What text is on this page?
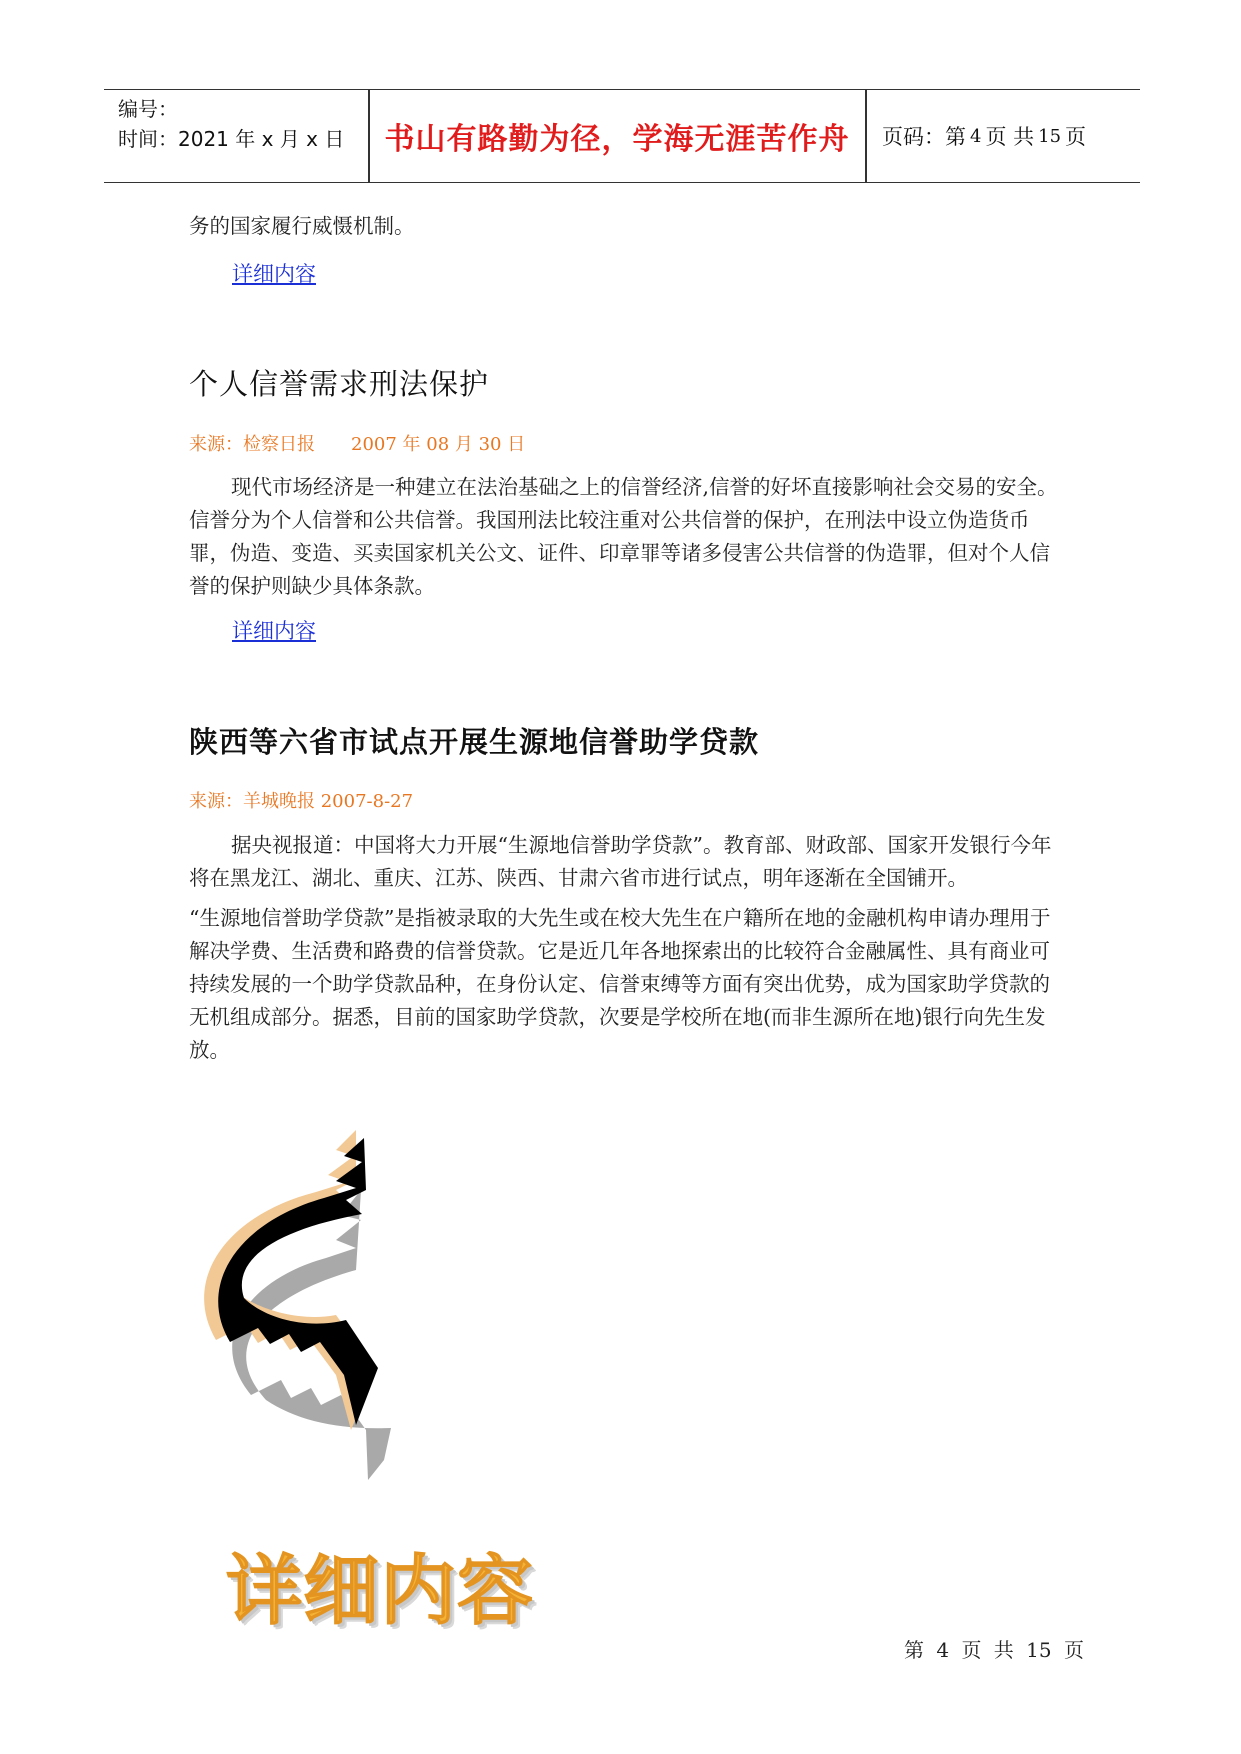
编号：
时间：2021 年 x 月 x 日	书山有路勤为径，学海无涯苦作舟	页码：第 4 页 共 15 页
务的国家履行威慑机制。
详细内容
个人信誉需求刑法保护
来源：检察日报 2007 年 08 月 30 日
现代市场经济是一种建立在法治基础之上的信誉经济,信誉的好坏直接影响社会交易的安全。信誉分为个人信誉和公共信誉。我国刑法比较注重对公共信誉的保护，在刑法中设立伪造货币罪，伪造、变造、买卖国家机关公文、证件、印章罪等诸多侵害公共信誉的伪造罪，但对个人信誉的保护则缺少具体条款。
详细内容
陕西等六省市试点开展生源地信誉助学贷款
来源：羊城晚报 2007-8-27
据央视报道：中国将大力开展“生源地信誉助学贷款”。教育部、财政部、国家开发银行今年将在黑龙江、湖北、重庆、江苏、陕西、甘肃六省市进行试点，明年逐渐在全国铺开。
“生源地信誉助学贷款”是指被录取的大先生或在校大先生在户籍所在地的金融机构申请办理用于解决学费、生活费和路费的信誉贷款。它是近几年各地探索出的比较符合金融属性、具有商业可持续发展的一个助学贷款品种，在身份认定、信誉束缚等方面有突出优势，成为国家助学贷款的无机组成部分。据悉，目前的国家助学贷款，次要是学校所在地(而非生源所在地)银行向先生发放。
详细内容
第 4 页 共 15 页
